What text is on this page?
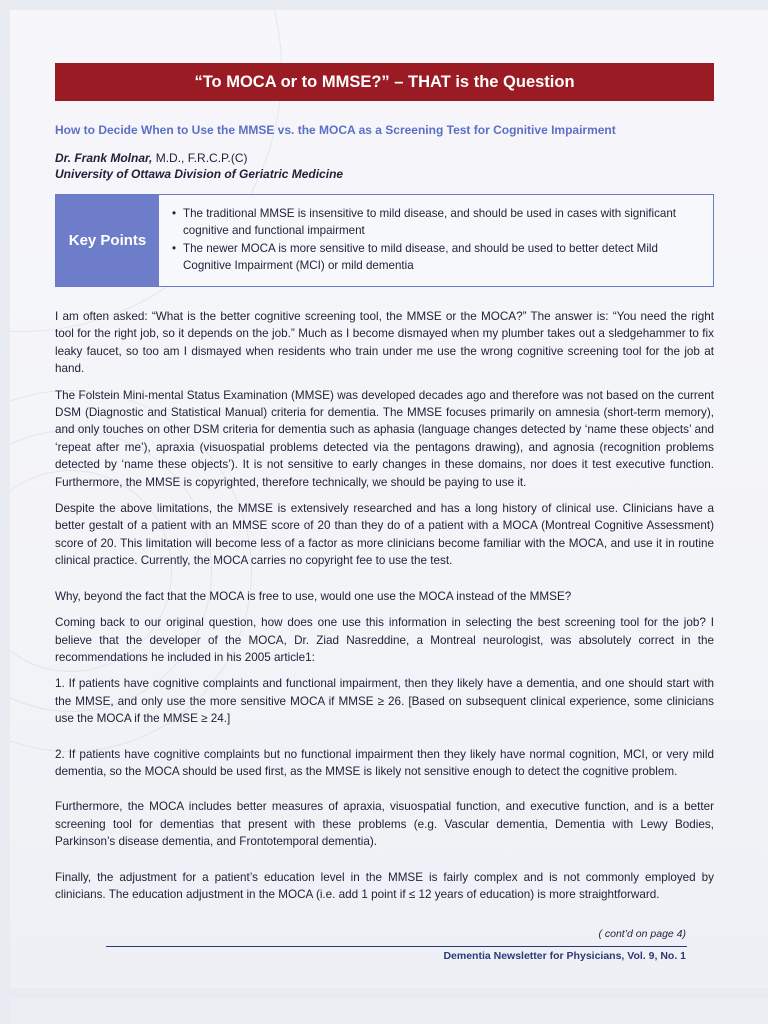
“To MOCA or to MMSE?” – THAT is the Question
How to Decide When to Use the MMSE vs. the MOCA as a Screening Test for Cognitive Impairment
Dr. Frank Molnar, M.D., F.R.C.P.(C)
University of Ottawa Division of Geriatric Medicine
Key Points
• The traditional MMSE is insensitive to mild disease, and should be used in cases with significant cognitive and functional impairment
• The newer MOCA is more sensitive to mild disease, and should be used to better detect Mild Cognitive Impairment (MCI) or mild dementia

I am often asked: “What is the better cognitive screening tool, the MMSE or the MOCA?” The answer is: “You need the right tool for the right job, so it depends on the job.” Much as I become dismayed when my plumber takes out a sledgehammer to fix leaky faucet, so too am I dismayed when residents who train under me use the wrong cognitive screening tool for the job at hand.

The Folstein Mini-mental Status Examination (MMSE) was developed decades ago and therefore was not based on the current DSM (Diagnostic and Statistical Manual) criteria for dementia. The MMSE focuses primarily on amnesia (short-term memory), and only touches on other DSM criteria for dementia such as aphasia (language changes detected by ‘name these objects’ and ‘repeat after me’), apraxia (visuospatial problems detected via the pentagons drawing), and agnosia (recognition problems detected by ‘name these objects’). It is not sensitive to early changes in these domains, nor does it test executive function. Furthermore, the MMSE is copyrighted, therefore technically, we should be paying to use it.

Despite the above limitations, the MMSE is extensively researched and has a long history of clinical use. Clinicians have a better gestalt of a patient with an MMSE score of 20 than they do of a patient with a MOCA (Montreal Cognitive Assessment) score of 20. This limitation will become less of a factor as more clinicians become familiar with the MOCA, and use it in routine clinical practice. Currently, the MOCA carries no copyright fee to use the test.

Why, beyond the fact that the MOCA is free to use, would one use the MOCA instead of the MMSE?

Coming back to our original question, how does one use this information in selecting the best screening tool for the job? I believe that the developer of the MOCA, Dr. Ziad Nasreddine, a Montreal neurologist, was absolutely correct in the recommendations he included in his 2005 article1:

1. If patients have cognitive complaints and functional impairment, then they likely have a dementia, and one should start with the MMSE, and only use the more sensitive MOCA if MMSE ≥ 26. [Based on subsequent clinical experience, some clinicians use the MOCA if the MMSE ≥ 24.]

2. If patients have cognitive complaints but no functional impairment then they likely have normal cognition, MCI, or very mild dementia, so the MOCA should be used first, as the MMSE is likely not sensitive enough to detect the cognitive problem.

Furthermore, the MOCA includes better measures of apraxia, visuospatial function, and executive function, and is a better screening tool for dementias that present with these problems (e.g. Vascular dementia, Dementia with Lewy Bodies, Parkinson’s disease dementia, and Frontotemporal dementia).

Finally, the adjustment for a patient’s education level in the MMSE is fairly complex and is not commonly employed by clinicians. The education adjustment in the MOCA (i.e. add 1 point if ≤ 12 years of education) is more straightforward.

( cont’d on page 4)
Dementia Newsletter for Physicians, Vol. 9, No. 1
